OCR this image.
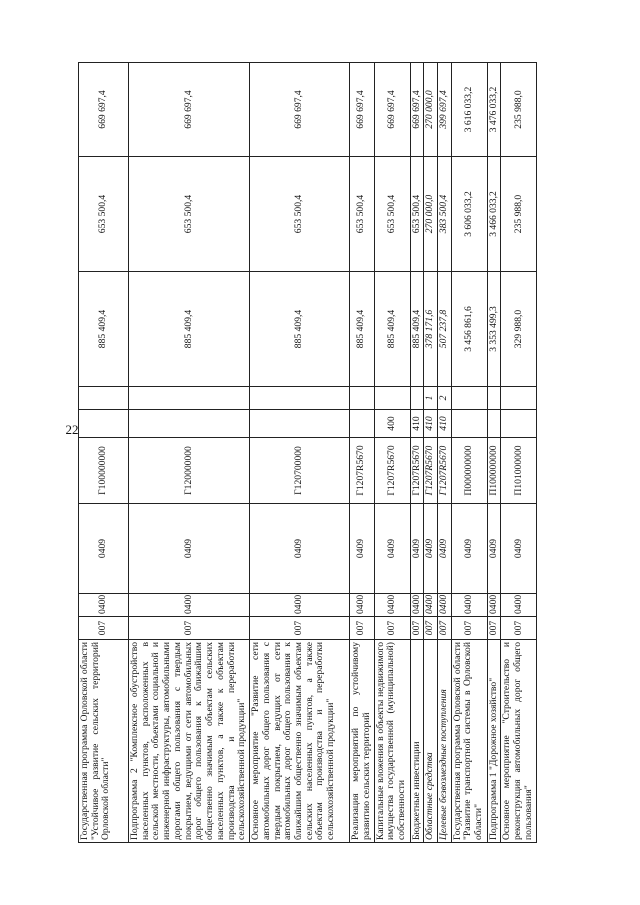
22
Государственная программа Орловской области "Устойчивое развитие сельских территорий Орловской области"	007	0400	0409	Г100000000			885 409,4	653 500,4	669 697,4
Подпрограмма 2 "Комплексное обустройство населенных пунктов, расположенных в сельской местности, объектами социальной и инженерной инфраструктуры, автомобильными дорогами общего пользования с твердым покрытием, ведущими от сети автомобильных дорог общего пользования к ближайшим общественно значимым объектам сельских населенных пунктов, а также к объектам производства и переработки сельскохозяйственной продукции"	007	0400	0409	Г120000000			885 409,4	653 500,4	669 697,4
Основное мероприятие "Развитие сети автомобильных дорог общего пользования с твердым покрытием, ведущих от сети автомобильных дорог общего пользования к ближайшим общественно значимым объектам сельских населенных пунктов, а также объектам производства и переработки сельскохозяйственной продукции"	007	0400	0409	Г120700000			885 409,4	653 500,4	669 697,4
Реализация мероприятий по устойчивому развитию сельских территорий	007	0400	0409	Г1207R5670			885 409,4	653 500,4	669 697,4
Капитальные вложения в объекты недвижимого имущества государственной (муниципальной) собственности	007	0400	0409	Г1207R5670	400		885 409,4	653 500,4	669 697,4
Бюджетные инвестиции	007	0400	0409	Г1207R5670	410		885 409,4	653 500,4	669 697,4
Областные средства	007	0400	0409	Г1207R5670	410	1	378 171,6	270 000,0	270 000,0
Целевые безвозмездные поступления	007	0400	0409	Г1207R5670	410	2	507 237,8	383 500,4	399 697,4
Государственная программа Орловской области "Развитие транспортной системы в Орловской области"	007	0400	0409	П000000000			3 456 861,6	3 606 033,2	3 616 033,2
Подпрограмма 1 "Дорожное хозяйство"	007	0400	0409	П100000000			3 353 499,3	3 466 033,2	3 476 033,2
Основное мероприятие "Строительство и реконструкция автомобильных дорог общего пользования"	007	0400	0409	П101000000			329 988,0	235 988,0	235 988,0
